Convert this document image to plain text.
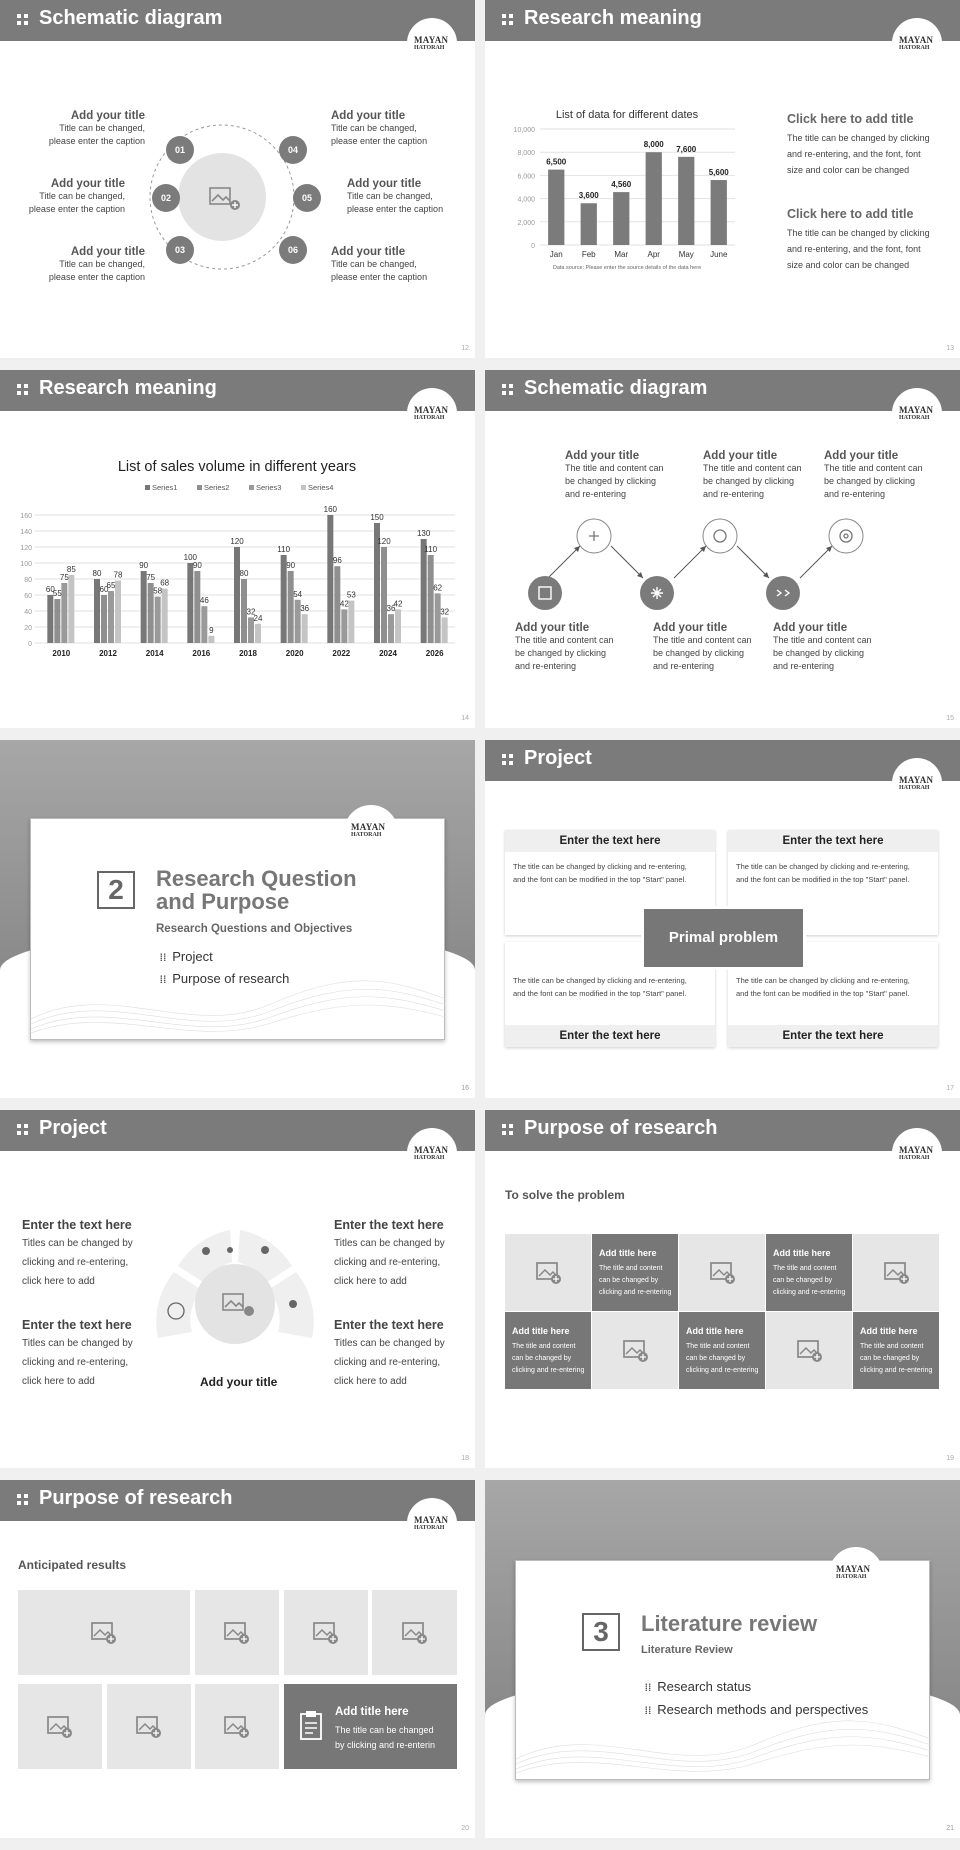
Schematic diagram
MAYAN
HATORAH
01
02
03
04
05
06
Add your title
Title can be changed,
please enter the caption
Add your title
Title can be changed,
please enter the caption
Add your title
Title can be changed,
please enter the caption
Add your title
Title can be changed,
please enter the caption
Add your title
Title can be changed,
please enter the caption
Add your title
Title can be changed,
please enter the caption
12
Research meaning
MAYAN
HATORAH
List of data for different dates
0
2,000
4,000
6,000
8,000
10,000
6,500
Jan
3,600
Feb
4,560
Mar
8,000
Apr
7,600
May
5,600
June
Data source: Please enter the source details of the data here
Click here to add title
The title can be changed by clicking
and re-entering, and the font, font
size and color can be changed
Click here to add title
The title can be changed by clicking
and re-entering, and the font, font
size and color can be changed
13
Research meaning
MAYAN
HATORAH
List of sales volume in different years
Series1	Series2	Series3	Series4
0
20
40
60
80
100
120
140
160
60
55
75
85
2010
80
60
65
78
2012
90
75
58
68
2014
100
90
46
9
2016
120
80
32
24
2018
110
90
54
36
2020
160
96
42
53
2022
150
120
36
42
2024
130
110
62
32
2026
14
Schematic diagram
MAYAN
HATORAH
Add your title
The title and content can
be changed by clicking
and re-entering
Add your title
The title and content can
be changed by clicking
and re-entering
Add your title
The title and content can
be changed by clicking
and re-entering
Add your title
The title and content can
be changed by clicking
and re-entering
Add your title
The title and content can
be changed by clicking
and re-entering
Add your title
The title and content can
be changed by clicking
and re-entering
15
MAYAN
HATORAH
2	Research Question
and Purpose
Research Questions and Objectives
⁞⁞ Project
⁞⁞ Purpose of research
16
Project
MAYAN
HATORAH
Enter the text here
The title can be changed by clicking and re-entering,
and the font can be modified in the top "Start" panel.
Enter the text here
The title can be changed by clicking and re-entering,
and the font can be modified in the top "Start" panel.
The title can be changed by clicking and re-entering,
and the font can be modified in the top "Start" panel.
Enter the text here
The title can be changed by clicking and re-entering,
and the font can be modified in the top "Start" panel.
Enter the text here
Primal problem
17
Project
MAYAN
HATORAH
Add your title
Enter the text here
Titles can be changed by
clicking and re-entering,
click here to add
Enter the text here
Titles can be changed by
clicking and re-entering,
click here to add
Enter the text here
Titles can be changed by
clicking and re-entering,
click here to add
Enter the text here
Titles can be changed by
clicking and re-entering,
click here to add
18
Purpose of research
MAYAN
HATORAH
To solve the problem
19
Add title here
The title and content
can be changed by
clicking and re-entering
Add title here
The title and content
can be changed by
clicking and re-entering
Add title here
The title and content
can be changed by
clicking and re-entering
Add title here
The title and content
can be changed by
clicking and re-entering
Add title here
The title and content
can be changed by
clicking and re-entering
Purpose of research
MAYAN
HATORAH
Anticipated results
Add title here
The title can be changed
by clicking and re-enterin
20
MAYAN
HATORAH
3	Literature review
Literature Review
⁞⁞ Research status
⁞⁞ Research methods and perspectives
21
